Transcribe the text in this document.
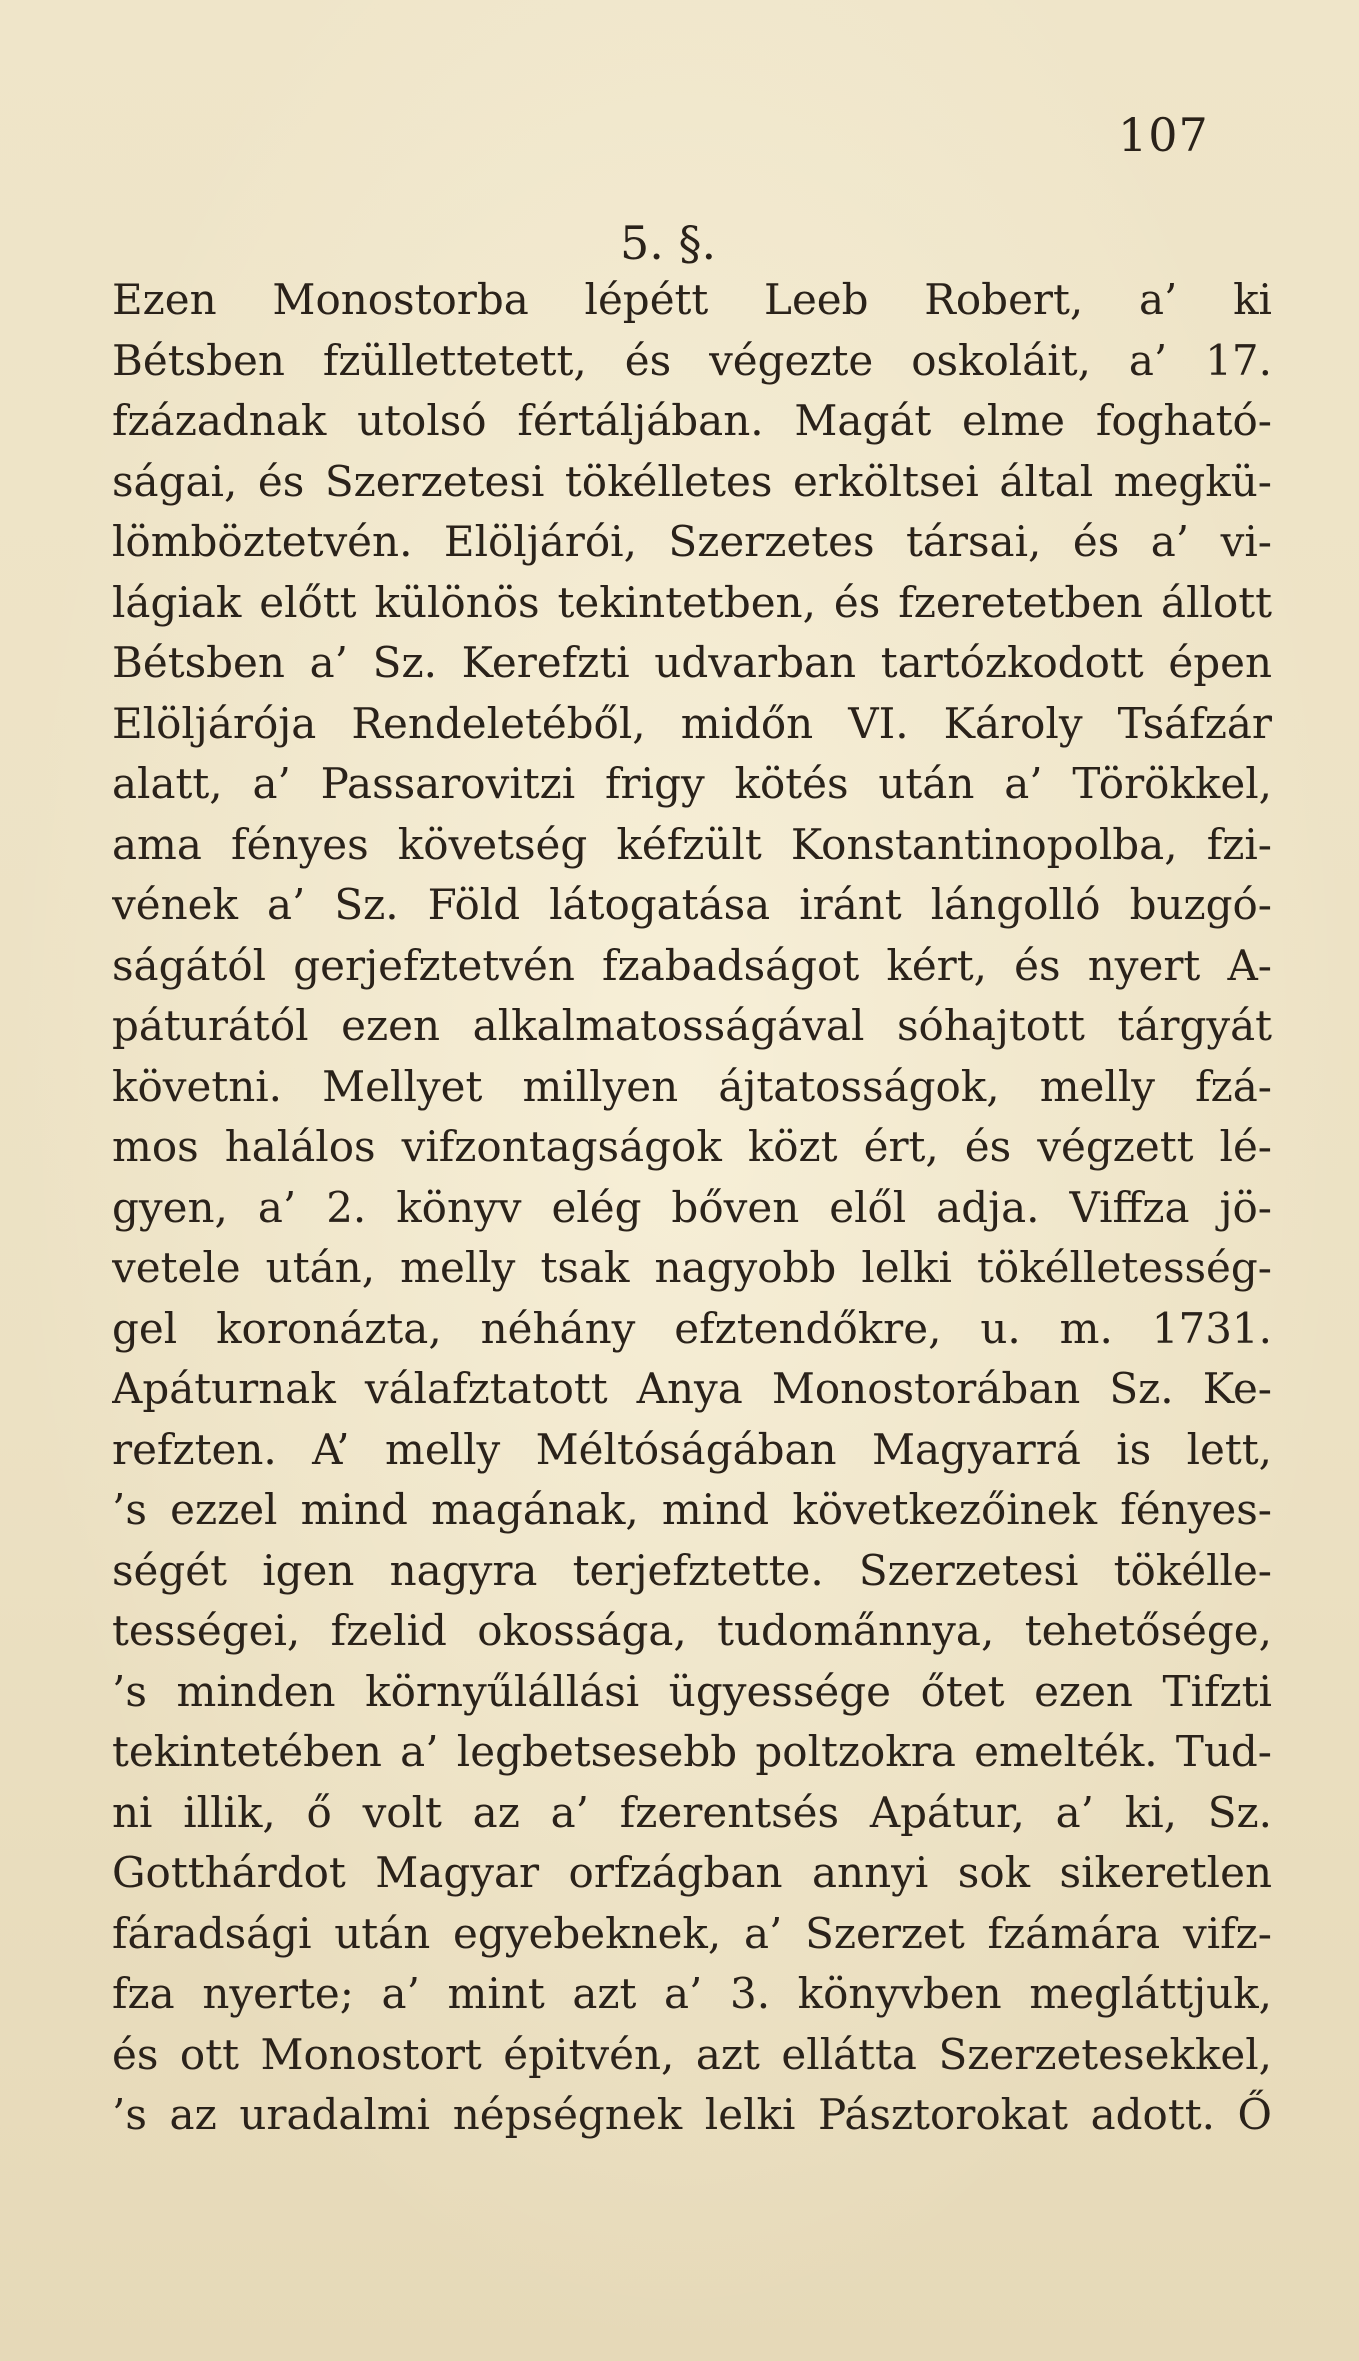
107
5. §.
Ezen Monostorba lépétt Leeb Robert, a’ ki
Bétsben fzüllettetett, és végezte oskoláit, a’ 17.
fzázadnak utolsó fértáljában. Magát elme fogható-
ságai, és Szerzetesi tökélletes erköltsei által megkü-
lömböztetvén. Elöljárói, Szerzetes társai, és a’ vi-
lágiak előtt különös tekintetben, és fzeretetben állott
Bétsben a’ Sz. Kerefzti udvarban tartózkodott épen
Elöljárója Rendeletéből, midőn VI. Károly Tsáfzár
alatt, a’ Passarovitzi frigy kötés után a’ Törökkel,
ama fényes követség kéfzült Konstantinopolba, fzi-
vének a’ Sz. Föld látogatása iránt lángolló buzgó-
ságától gerjefztetvén fzabadságot kért, és nyert A-
páturától ezen alkalmatosságával sóhajtott tárgyát
követni. Mellyet millyen ájtatosságok, melly fzá-
mos halálos vifzontagságok közt ért, és végzett lé-
gyen, a’ 2. könyv elég bőven elől adja. Viffza jö-
vetele után, melly tsak nagyobb lelki tökélletesség-
gel koronázta, néhány efztendőkre, u. m. 1731.
Apáturnak válafztatott Anya Monostorában Sz. Ke-
refzten. A’ melly Méltóságában Magyarrá is lett,
’s ezzel mind magának, mind következőinek fényes-
ségét igen nagyra terjefztette. Szerzetesi tökélle-
tességei, fzelid okossága, tudoma̋nnya, tehetősége,
’s minden környűlállási ügyessége őtet ezen Tifzti
tekintetében a’ legbetsesebb poltzokra emelték. Tud-
ni illik, ő volt az a’ fzerentsés Apátur, a’ ki, Sz.
Gotthárdot Magyar orfzágban annyi sok sikeretlen
fáradsági után egyebeknek, a’ Szerzet fzámára vifz-
fza nyerte; a’ mint azt a’ 3. könyvben megláttjuk,
és ott Monostort épitvén, azt ellátta Szerzetesekkel,
’s az uradalmi népségnek lelki Pásztorokat adott. Ő
